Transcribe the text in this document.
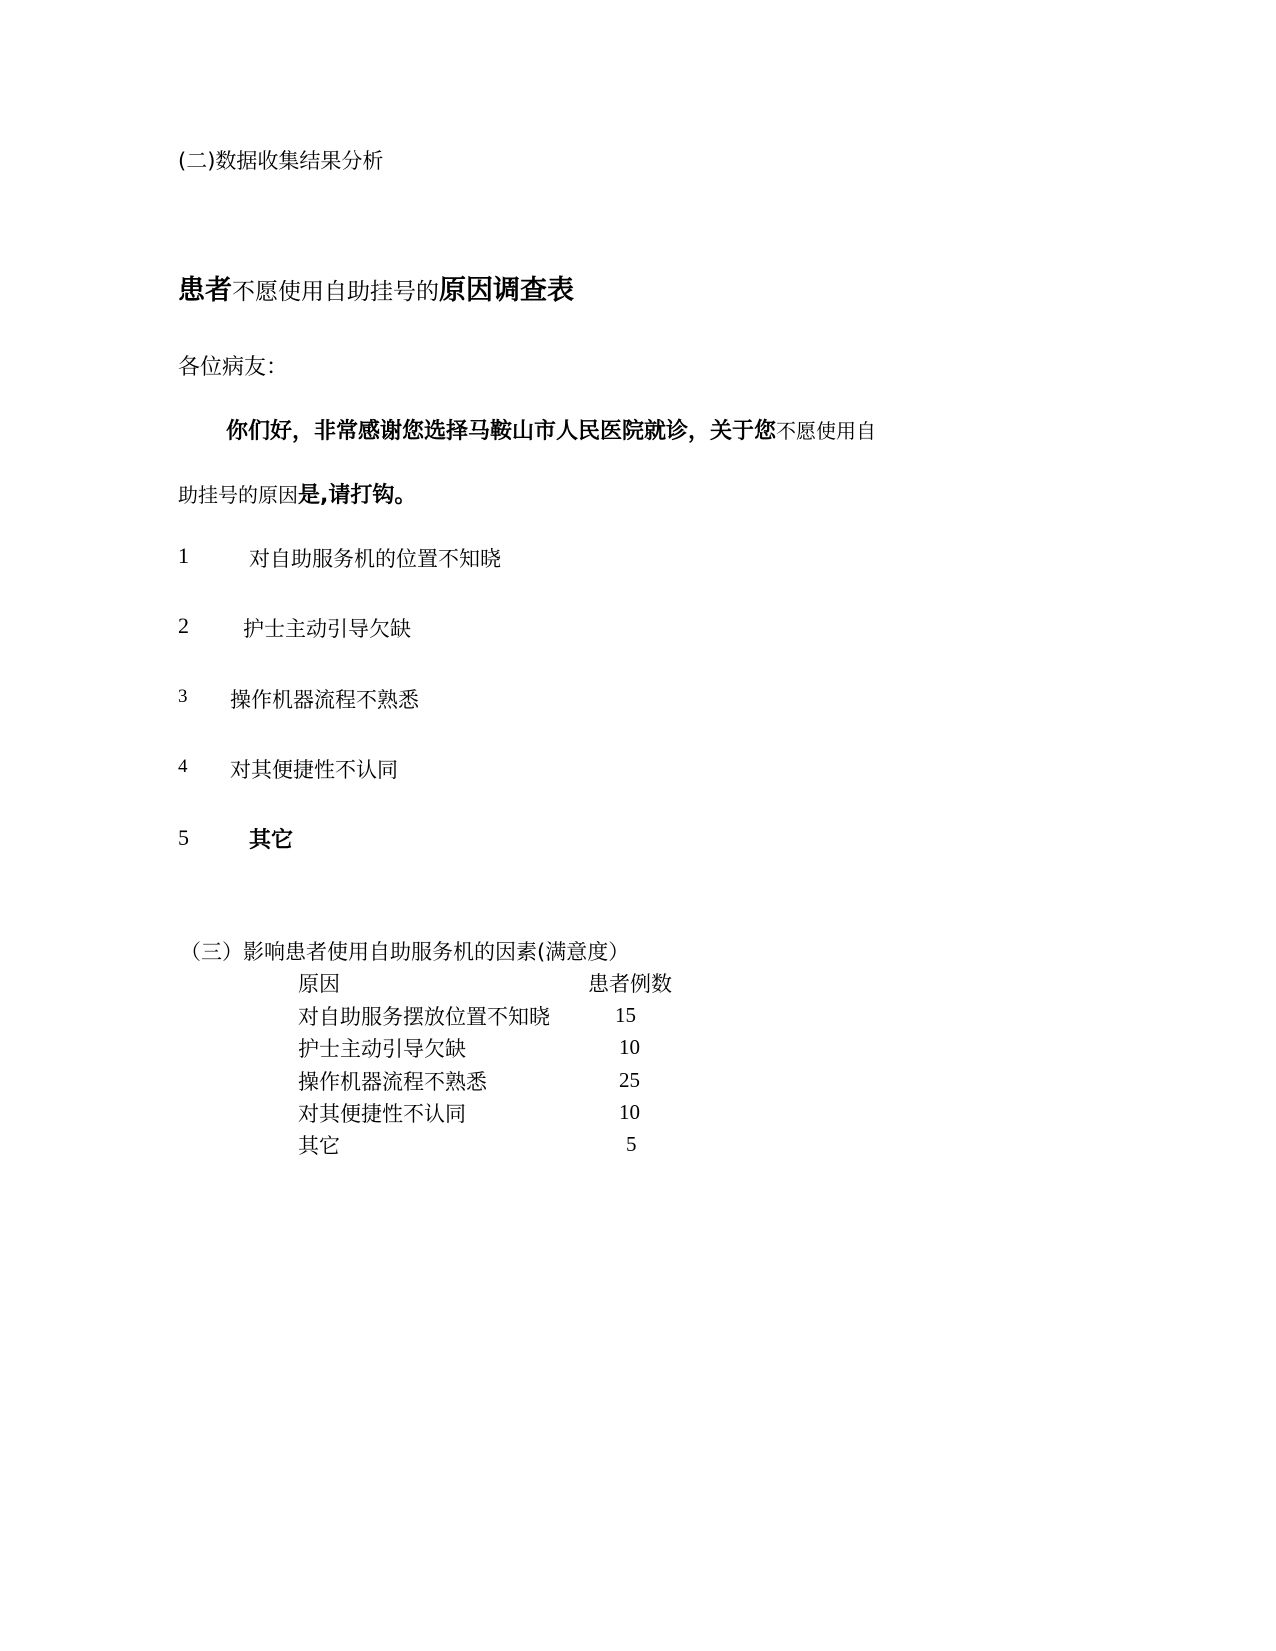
(二)数据收集结果分析
患者不愿使用自助挂号的原因调查表
各位病友：
你们好，非常感谢您选择马鞍山市人民医院就诊，关于您不愿使用自
助挂号的原因是,请打钩。
1	对自助服务机的位置不知晓
2	护士主动引导欠缺
3 操作机器流程不熟悉
4 对其便捷性不认同
5	其它
（三）影响患者使用自助服务机的因素(满意度）
原因	患者例数
对自助服务摆放位置不知晓	15
护士主动引导欠缺	10
操作机器流程不熟悉	25
对其便捷性不认同	10
其它	5
